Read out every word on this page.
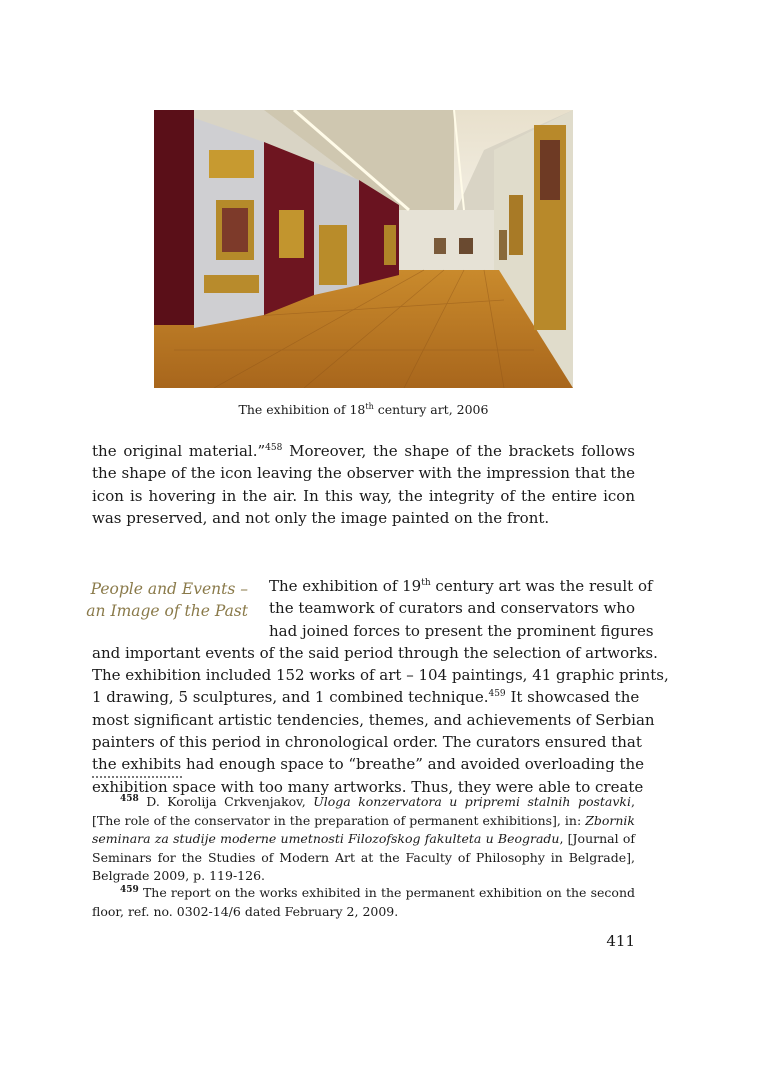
The exhibition of 18th century art, 2006

the original material.”$^{458}$ Moreover, the shape of the brackets follows the shape of the icon leaving the observer with the impression that the icon is hovering in the air. In this way, the integrity of the entire icon was preserved, and not only the image painted on the front.

People and Events –
an Image of the Past

The exhibition of 19th century art was the result of
the teamwork of curators and conservators who
had joined forces to present the prominent figures
and important events of the said period through the selection of artworks.
The exhibition included 152 works of art – 104 paintings, 41 graphic prints,
1 drawing, 5 sculptures, and 1 combined technique.$^{459}$ It showcased the
most significant artistic tendencies, themes, and achievements of Serbian
painters of this period in chronological order. The curators ensured that
the exhibits had enough space to “breathe” and avoided overloading the
exhibition space with too many artworks. Thus, they were able to create

$^{458}$ D. Korolija Crkvenjakov, Uloga konzervatora u pripremi stalnih postavki, [The role of the conservator in the preparation of permanent exhibitions], in: Zbornik seminara za studije moderne umetnosti Filozofskog fakulteta u Beogradu, [Journal of Seminars for the Studies of Modern Art at the Faculty of Philosophy in Belgrade], Belgrade 2009, p. 119-126.

$^{459}$ The report on the works exhibited in the permanent exhibition on the second floor, ref. no. 0302-14/6 dated February 2, 2009.

411
